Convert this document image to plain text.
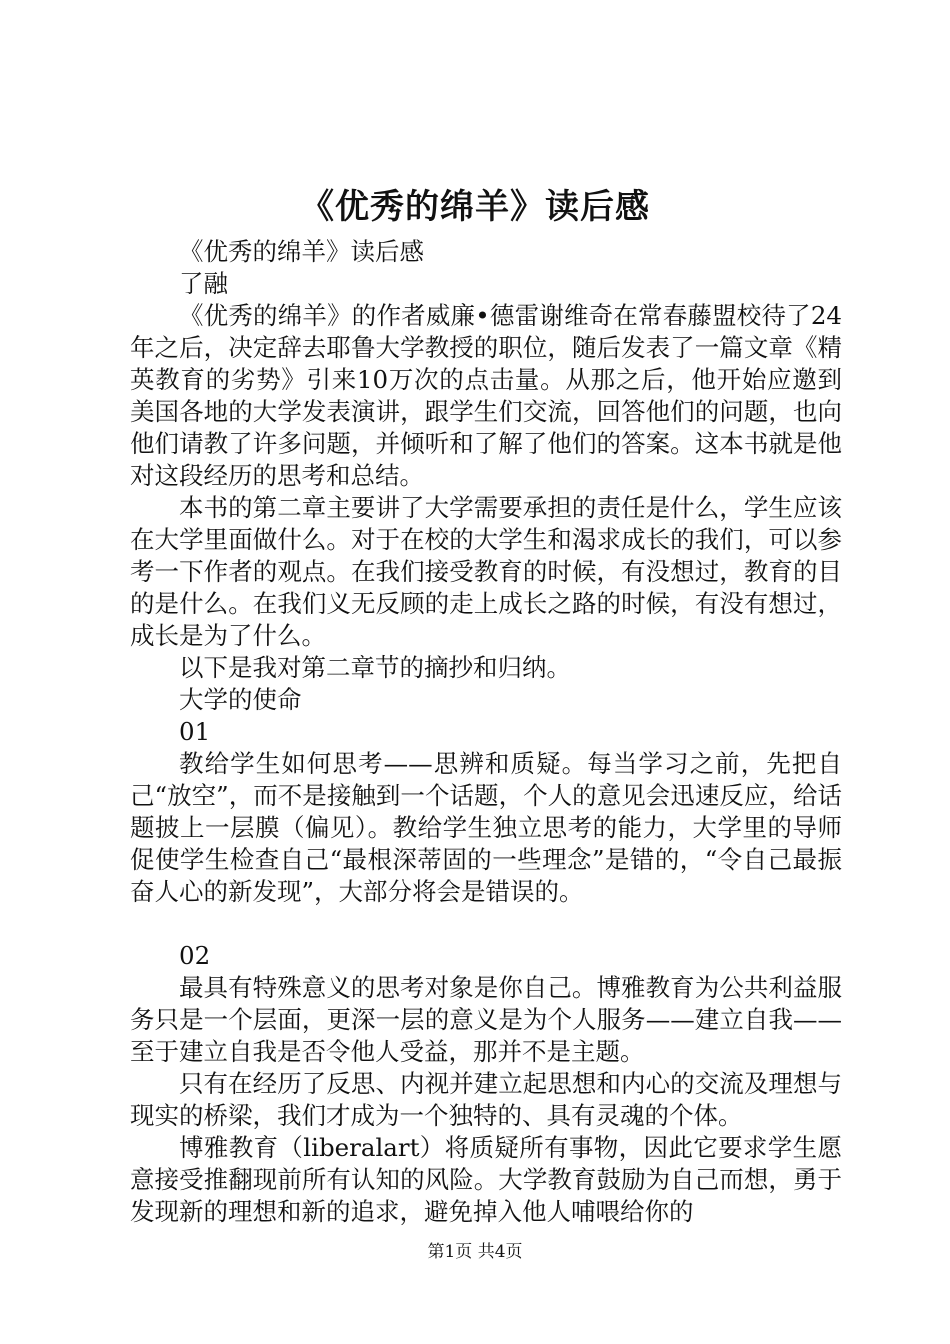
《优秀的绵羊》读后感

《优秀的绵羊》读后感

了融

《优秀的绵羊》的作者威廉•德雷谢维奇在常春藤盟校待了24年之后，决定辞去耶鲁大学教授的职位，随后发表了一篇文章《精英教育的劣势》引来10万次的点击量。从那之后，他开始应邀到美国各地的大学发表演讲，跟学生们交流，回答他们的问题，也向他们请教了许多问题，并倾听和了解了他们的答案。这本书就是他对这段经历的思考和总结。

本书的第二章主要讲了大学需要承担的责任是什么，学生应该在大学里面做什么。对于在校的大学生和渴求成长的我们，可以参考一下作者的观点。在我们接受教育的时候，有没想过，教育的目的是什么。在我们义无反顾的走上成长之路的时候，有没有想过，成长是为了什么。

以下是我对第二章节的摘抄和归纳。

大学的使命

01

教给学生如何思考——思辨和质疑。每当学习之前，先把自己“放空”，而不是接触到一个话题，个人的意见会迅速反应，给话题披上一层膜（偏见）。教给学生独立思考的能力，大学里的导师促使学生检查自己“最根深蒂固的一些理念”是错的，“令自己最振奋人心的新发现”，大部分将会是错误的。

02

最具有特殊意义的思考对象是你自己。博雅教育为公共利益服务只是一个层面，更深一层的意义是为个人服务——建立自我——至于建立自我是否令他人受益，那并不是主题。

只有在经历了反思、内视并建立起思想和内心的交流及理想与现实的桥梁，我们才成为一个独特的、具有灵魂的个体。

博雅教育（liberalart）将质疑所有事物，因此它要求学生愿意接受推翻现前所有认知的风险。大学教育鼓励为自己而想，勇于发现新的理想和新的追求，避免掉入他人哺喂给你的

第1页 共4页
